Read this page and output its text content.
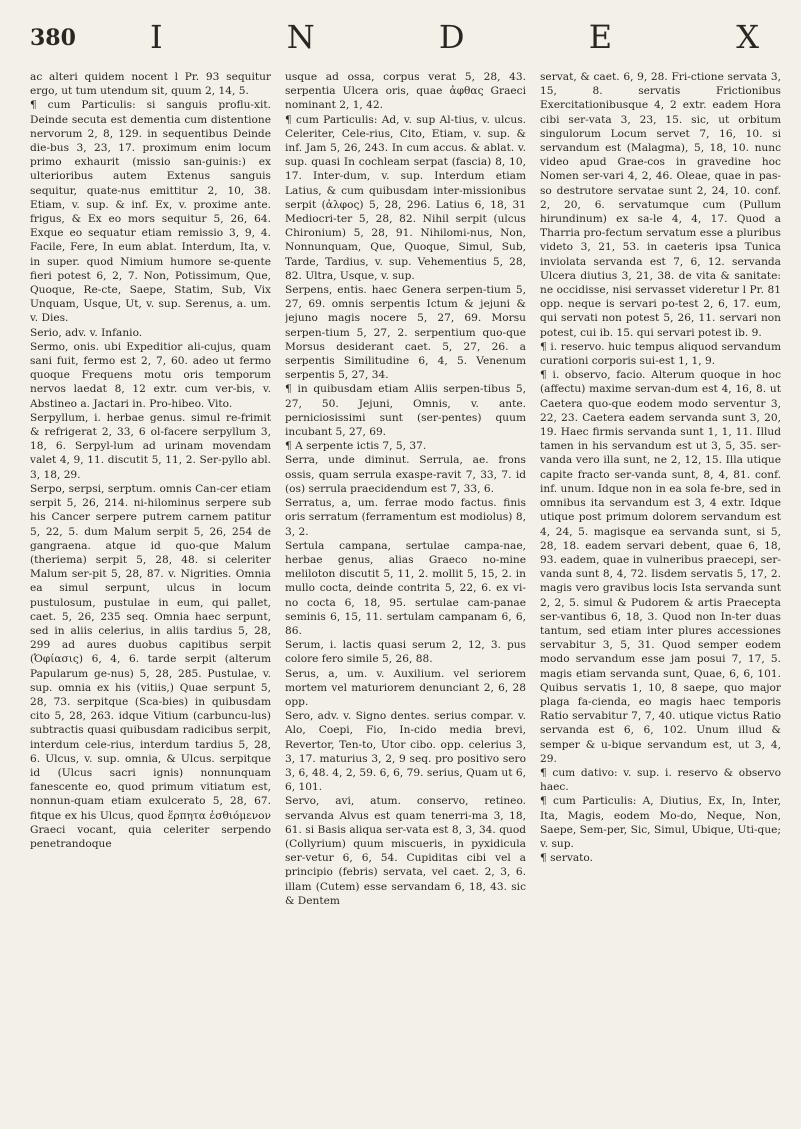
380 I	N	D	E	X

ac alteri quidem nocent l Pr. 93 sequitur ergo, ut tum utendum sit, quum 2, 14, 5.

¶ cum Particulis: si sanguis proflu-xit. Deinde secuta est dementia cum distentione nervorum 2, 8, 129. in sequentibus Deinde die-bus 3, 23, 17. proximum enim locum primo exhaurit (missio san-guinis:) ex ulterioribus autem Extenus sanguis sequitur, quate-nus emittitur 2, 10, 38. Etiam, v. sup. & inf. Ex, v. proxime ante. frigus, & Ex eo mors sequitur 5, 26, 64. Exque eo sequatur etiam remissio 3, 9, 4. Facile, Fere, In eum ablat. Interdum, Ita, v. in super. quod Nimium humore se-quente fieri potest 6, 2, 7. Non, Potissimum, Que, Quoque, Re-cte, Saepe, Statim, Sub, Vix Unquam, Usque, Ut, v. sup. Serenus, a. um. v. Dies.

Serio, adv. v. Infanio.

Sermo, onis. ubi Expeditior ali-cujus, quam sani fuit, fermo est 2, 7, 60. adeo ut fermo quoque Frequens motu oris temporum nervos laedat 8, 12 extr. cum ver-bis, v. Abstineo a. Jactari in. Pro-hibeo. Vito.

Serpyllum, i. herbae genus. simul re-frimit & refrigerat 2, 33, 6 ol-facere serpyllum 3, 18, 6. Serpyl-lum ad urinam movendam valet 4, 9, 11. discutit 5, 11, 2. Ser-pyllo abl. 3, 18, 29.

Serpo, serpsi, serptum. omnis Can-cer etiam serpit 5, 26, 214. ni-hilominus serpere sub his Cancer serpere putrem carnem patitur 5, 22, 5. dum Malum serpit 5, 26, 254 de gangraena. atque id quo-que Malum (theriema) serpit 5, 28, 48. si celeriter Malum ser-pit 5, 28, 87. v. Nigrities. Omnia ea simul serpunt, ulcus in locum pustulosum, pustulae in eum, qui pallet, caet. 5, 26, 235 seq. Omnia haec serpunt, sed in aliis celerius, in aliis tardius 5, 28, 299 ad aures duobus capitibus serpit (Ὀφίασις) 6, 4, 6. tarde serpit (alterum Papularum ge-nus) 5, 28, 285. Pustulae, v. sup. omnia ex his (vitiis,) Quae serpunt 5, 28, 73. serpitque (Sca-bies) in quibusdam cito 5, 28, 263. idque Vitium (carbuncu-lus) subtractis quasi quibusdam radicibus serpit, interdum cele-rius, interdum tardius 5, 28, 6. Ulcus, v. sup. omnia, & Ulcus. serpitque id (Ulcus sacri ignis) nonnunquam fanescente eo, quod primum vitiatum est, nonnun-quam etiam exulcerato 5, 28, 67. fitque ex his Ulcus, quod ἕρπητα ἐσθιόμενον Graeci vocant, quia celeriter serpendo penetrandoque

usque ad ossa, corpus verat 5, 28, 43. serpentia Ulcera oris, quae ἀφθας Graeci nominant 2, 1, 42.

¶ cum Particulis: Ad, v. sup Al-tius, v. ulcus. Celeriter, Cele-rius, Cito, Etiam, v. sup. & inf. Jam 5, 26, 243. In cum accus. & ablat. v. sup. quasi In cochleam serpat (fascia) 8, 10, 17. Inter-dum, v. sup. Interdum etiam Latius, & cum quibusdam inter-missionibus serpit (ἀλφος) 5, 28, 296. Latius 6, 18, 31 Mediocri-ter 5, 28, 82. Nihil serpit (ulcus Chironium) 5, 28, 91. Nihilomi-nus, Non, Nonnunquam, Que, Quoque, Simul, Sub, Tarde, Tardius, v. sup. Vehementius 5, 28, 82. Ultra, Usque, v. sup.

Serpens, entis. haec Genera serpen-tium 5, 27, 69. omnis serpentis Ictum & jejuni & jejuno magis nocere 5, 27, 69. Morsu serpen-tium 5, 27, 2. serpentium quo-que Morsus desiderant caet. 5, 27, 26. a serpentis Similitudine 6, 4, 5. Venenum serpentis 5, 27, 34.

¶ in quibusdam etiam Aliis serpen-tibus 5, 27, 50. Jejuni, Omnis, v. ante. perniciosissimi sunt (ser-pentes) quum incubant 5, 27, 69.

¶ A serpente ictis 7, 5, 37.

Serra, unde diminut. Serrula, ae. frons ossis, quam serrula exaspe-ravit 7, 33, 7. id (os) serrula praecidendum est 7, 33, 6.

Serratus, a, um. ferrae modo factus. finis oris serratum (ferramentum est modiolus) 8, 3, 2.

Sertula campana, sertulae campa-nae, herbae genus, alias Graeco no-mine meliloton discutit 5, 11, 2. mollit 5, 15, 2. in mullo cocta, deinde contrita 5, 22, 6. ex vi-no cocta 6, 18, 95. sertulae cam-panae seminis 6, 15, 11. sertulam campanam 6, 6, 86.

Serum, i. lactis quasi serum 2, 12, 3. pus colore fero simile 5, 26, 88.

Serus, a, um. v. Auxilium. vel seriorem mortem vel maturiorem denunciant 2, 6, 28 opp.

Sero, adv. v. Signo dentes. serius compar. v. Alo, Coepi, Fio, In-cido media brevi, Revertor, Ten-to, Utor cibo. opp. celerius 3, 3, 17. maturius 3, 2, 9 seq. pro positivo sero 3, 6, 48. 4, 2, 59. 6, 6, 79. serius, Quam ut 6, 6, 101.

Servo, avi, atum. conservo, retineo. servanda Alvus est quam tenerri-ma 3, 18, 61. si Basis aliqua ser-vata est 8, 3, 34. quod (Collyrium) quum miscueris, in pyxidicula ser-vetur 6, 6, 54. Cupiditas cibi vel a principio (febris) servata, vel caet. 2, 3, 6. illam (Cutem) esse servandam 6, 18, 43. sic & Dentem

servat, & caet. 6, 9, 28. Fri-ctione servata 3, 15, 8. servatis Frictionibus Exercitationibusque 4, 2 extr. eadem Hora cibi ser-vata 3, 23, 15. sic, ut orbitum singulorum Locum servet 7, 16, 10. si servandum est (Malagma), 5, 18, 10. nunc video apud Grae-cos in gravedine hoc Nomen ser-vari 4, 2, 46. Oleae, quae in pas-so destrutore servatae sunt 2, 24, 10. conf. 2, 20, 6. servatumque cum (Pullum hirundinum) ex sa-le 4, 4, 17. Quod a Tharria pro-fectum servatum esse a pluribus videto 3, 21, 53. in caeteris ipsa Tunica inviolata servanda est 7, 6, 12. servanda Ulcera diutius 3, 21, 38. de vita & sanitate: ne occidisse, nisi servasset videretur l Pr. 81 opp. neque is servari po-test 2, 6, 17. eum, qui servati non potest 5, 26, 11. servari non potest, cui ib. 15. qui servari potest ib. 9.

¶ i. reservo. huic tempus aliquod servandum curationi corporis sui-est 1, 1, 9.

¶ i. observo, facio. Alterum quoque in hoc (affectu) maxime servan-dum est 4, 16, 8. ut Caetera quo-que eodem modo serventur 3, 22, 23. Caetera eadem servanda sunt 3, 20, 19. Haec firmis servanda sunt 1, 1, 11. Illud tamen in his servandum est ut 3, 5, 35. ser-vanda vero illa sunt, ne 2, 12, 15. Illa utique capite fracto ser-vanda sunt, 8, 4, 81. conf. inf. unum. Idque non in ea sola fe-bre, sed in omnibus ita servandum est 3, 4 extr. Idque utique post primum dolorem servandum est 4, 24, 5. magisque ea servanda sunt, si 5, 28, 18. eadem servari debent, quae 6, 18, 93. eadem, quae in vulneribus praecepi, ser-vanda sunt 8, 4, 72. Iisdem servatis 5, 17, 2. magis vero gravibus locis Ista servanda sunt 2, 2, 5. simul & Pudorem & artis Praecepta ser-vantibus 6, 18, 3. Quod non In-ter duas tantum, sed etiam inter plures accessiones servabitur 3, 5, 31. Quod semper eodem modo servandum esse jam posui 7, 17, 5. magis etiam servanda sunt, Quae, 6, 6, 101. Quibus servatis 1, 10, 8 saepe, quo major plaga fa-cienda, eo magis haec temporis Ratio servabitur 7, 7, 40. utique victus Ratio servanda est 6, 6, 102. Unum illud & semper & u-bique servandum est, ut 3, 4, 29.

¶ cum dativo: v. sup. i. reservo & observo haec.

¶ cum Particulis: A, Diutius, Ex, In, Inter, Ita, Magis, eodem Mo-do, Neque, Non, Saepe, Sem-per, Sic, Simul, Ubique, Uti-que; v. sup.

¶ servato.
